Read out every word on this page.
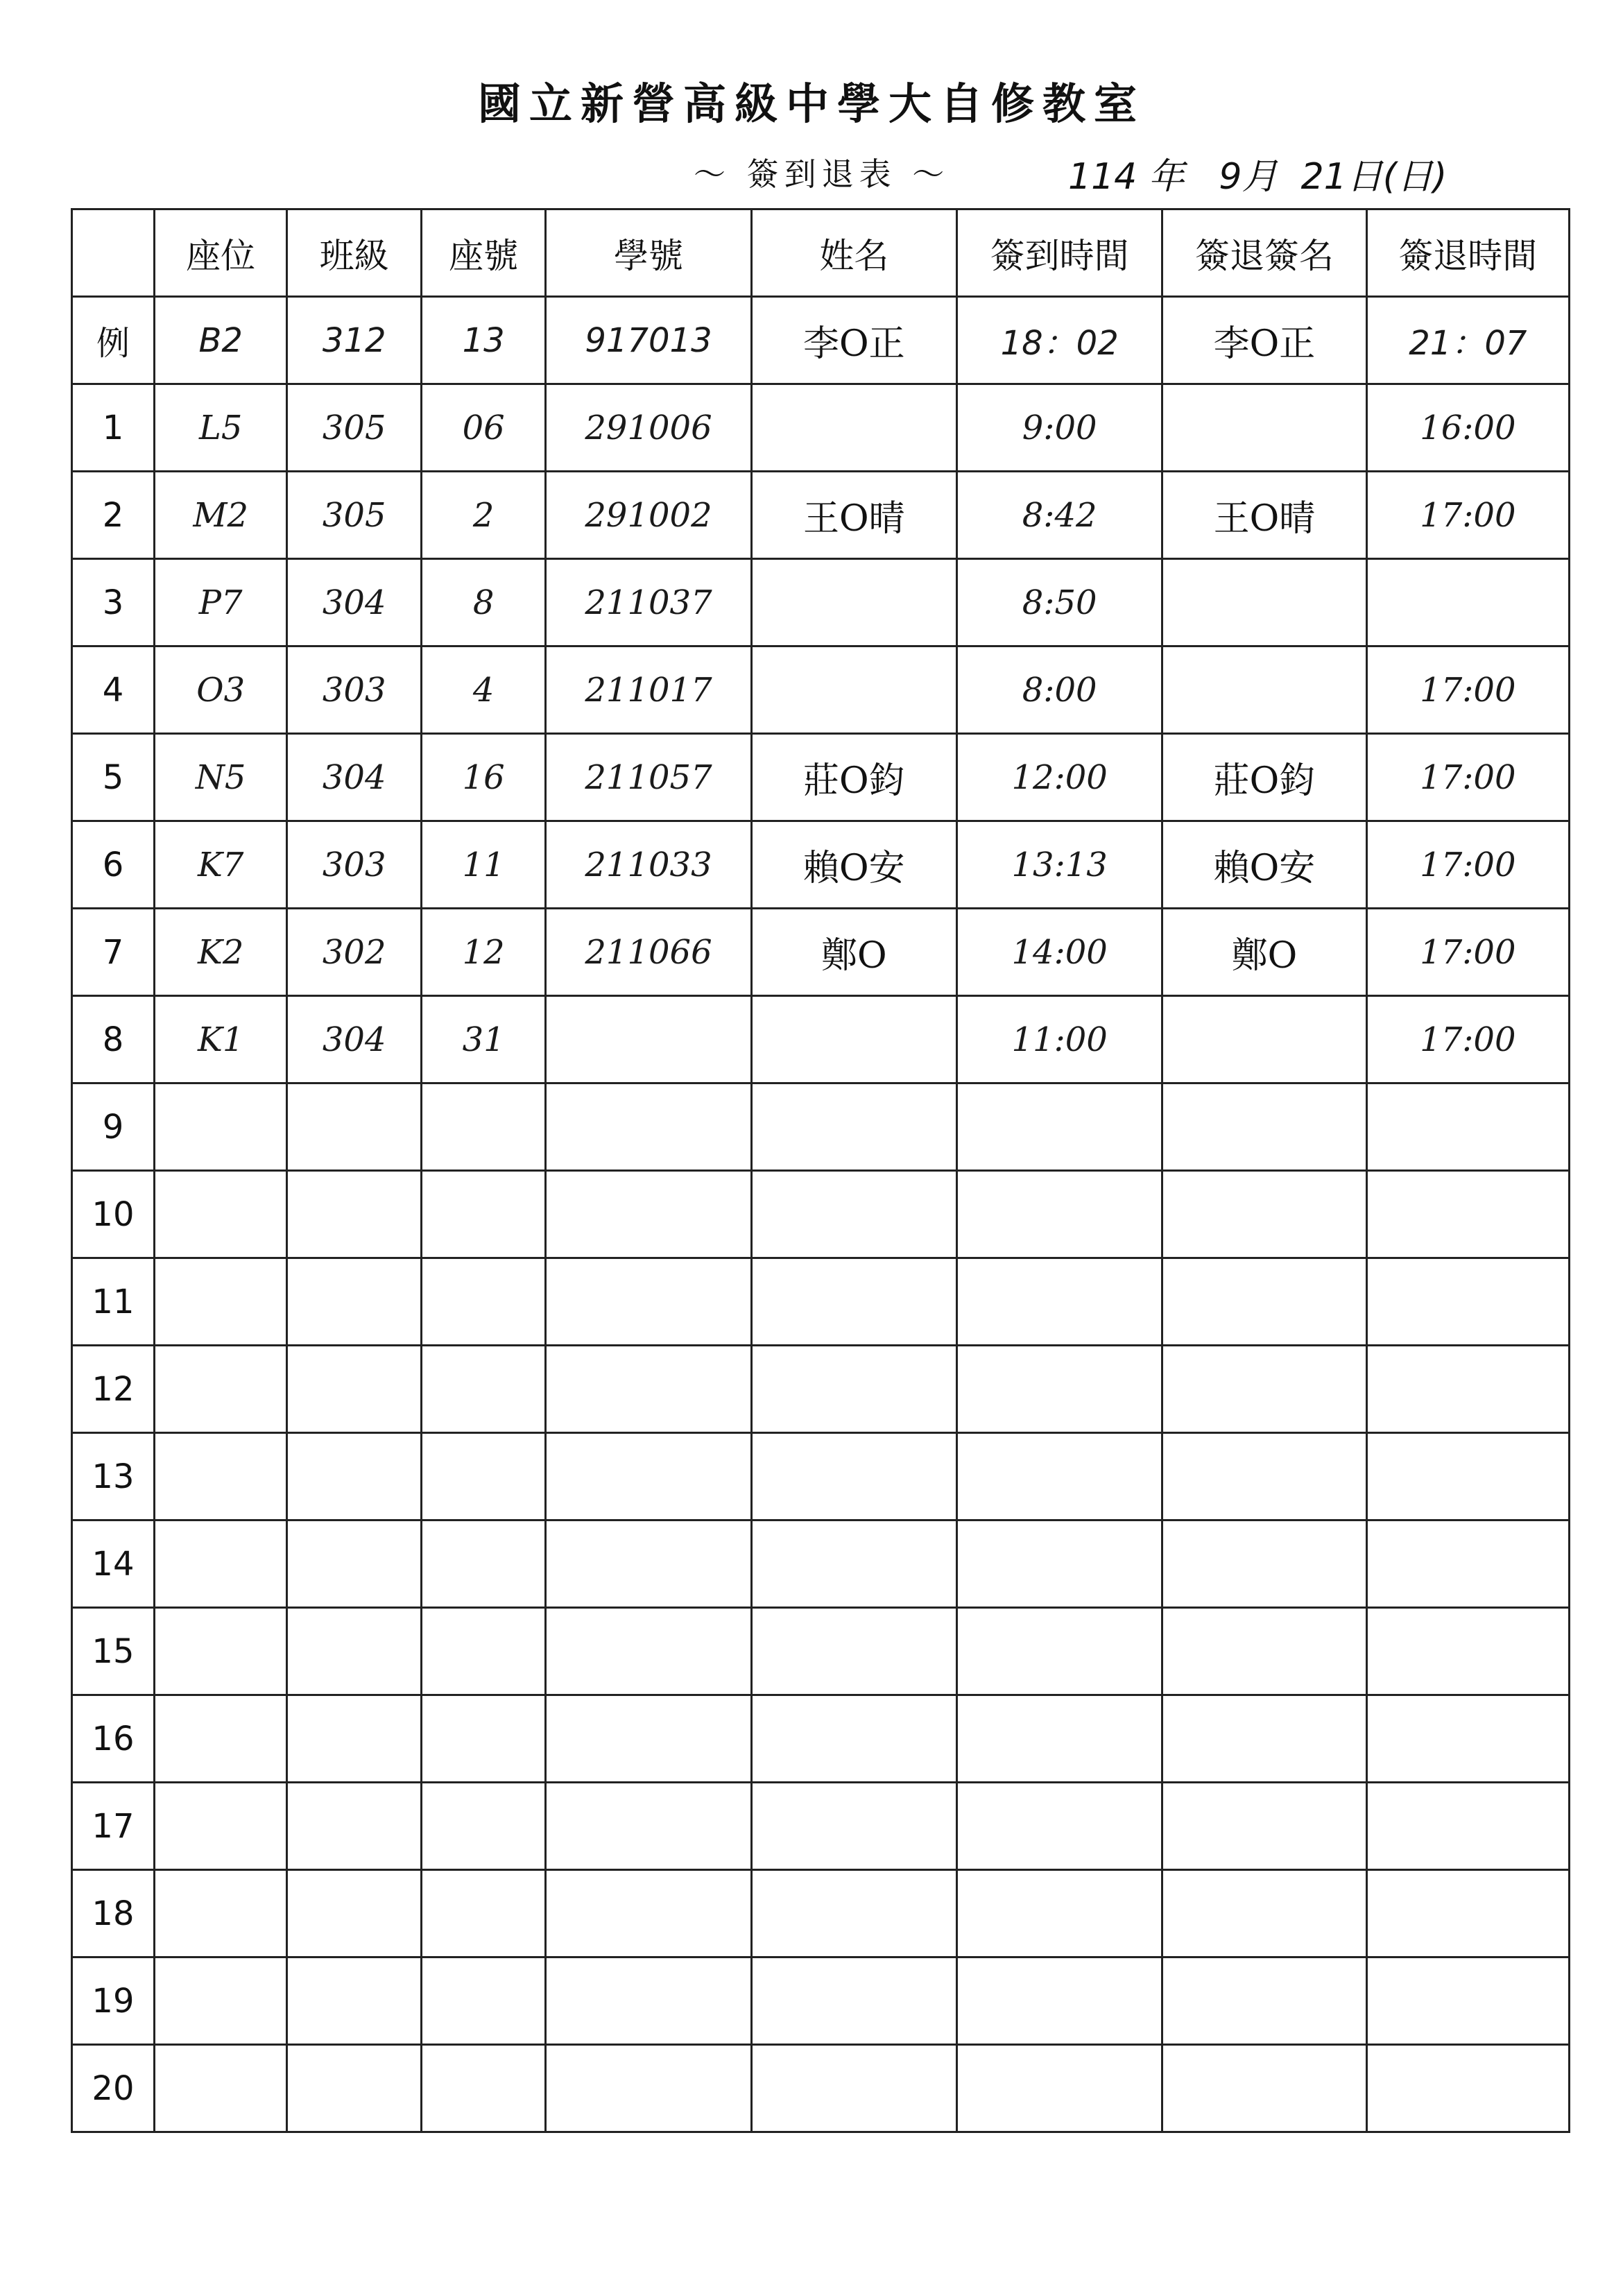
國立新營高級中學大自修教室
～ 簽到退表 ～	114 年 9月 21日(日)
	座位	班級	座號	學號	姓名	簽到時間	簽退簽名	簽退時間
例	B2	312	13	917013	李O正	18：02	李O正	21：07
1	L5	305	06	291006		9:00		16:00
2	M2	305	2	291002	王O晴	8:42	王O晴	17:00
3	P7	304	8	211037		8:50		
4	O3	303	4	211017		8:00		17:00
5	N5	304	16	211057	莊O鈞	12:00	莊O鈞	17:00
6	K7	303	11	211033	賴O安	13:13	賴O安	17:00
7	K2	302	12	211066	鄭O	14:00	鄭O	17:00
8	K1	304	31			11:00		17:00
9								
10								
11								
12								
13								
14								
15								
16								
17								
18								
19								
20								
